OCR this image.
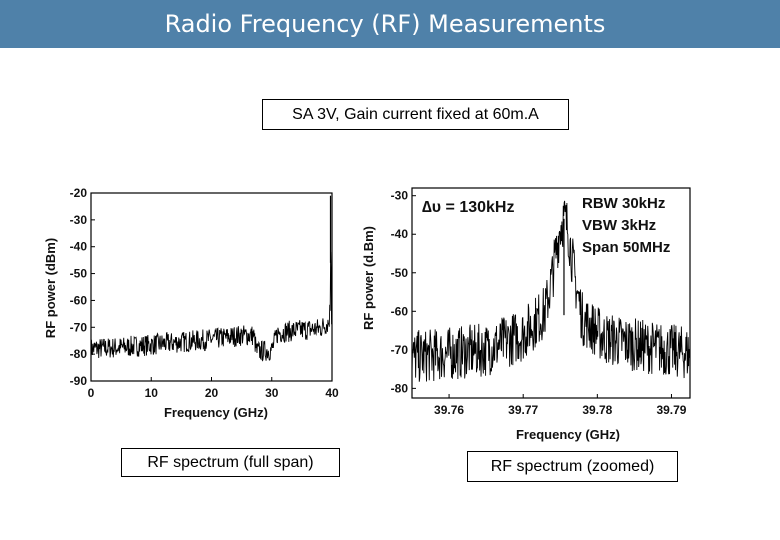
Radio Frequency (RF) Measurements
SA 3V, Gain current fixed at 60m.A
-20
-30
-40
-50
-60
-70
-80
-90
0	10	20	30	40
Frequency (GHz)
RF power (dBm)
-30
-40
-50
-60
-70
-80
39.76	39.77	39.78	39.79
∆υ = 130kHz	RBW 30kHz
VBW 3kHz
Span 50MHz
Frequency (GHz)
RF power (d.Bm)
RF spectrum (full span)	RF spectrum (zoomed)
